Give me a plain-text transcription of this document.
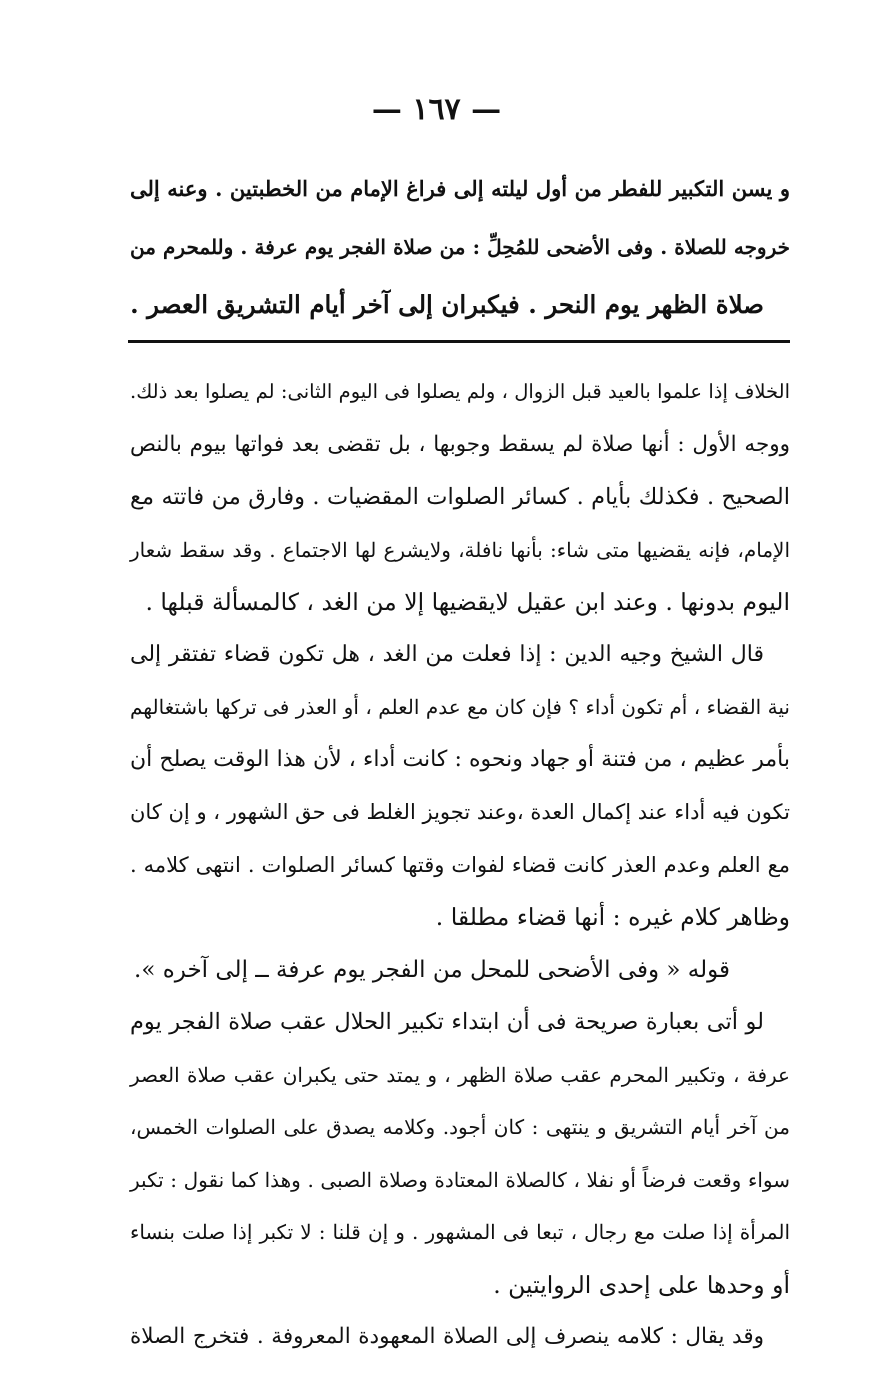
— ١٦٧ —
و يسن التكبير للفطر من أول ليلته إلى فراغ الإمام من الخطبتين . وعنه إلى
خروجه للصلاة . وفى الأضحى للمُحِلِّ : من صلاة الفجر يوم عرفة . وللمحرم من
صلاة الظهر يوم النحر . فيكبران إلى آخر أيام التشريق العصر .

الخلاف إذا علموا بالعيد قبل الزوال ، ولم يصلوا فى اليوم الثانى: لم يصلوا بعد ذلك.
ووجه الأول : أنها صلاة لم يسقط وجوبها ، بل تقضى بعد فواتها بيوم بالنص
الصحيح . فكذلك بأيام . كسائر الصلوات المقضيات . وفارق من فاتته مع
الإمام، فإنه يقضيها متى شاء: بأنها نافلة، ولايشرع لها الاجتماع . وقد سقط شعار
اليوم بدونها . وعند ابن عقيل لايقضيها إلا من الغد ، كالمسألة قبلها .

قال الشيخ وجيه الدين : إذا فعلت من الغد ، هل تكون قضاء تفتقر إلى
نية القضاء ، أم تكون أداء ؟ فإن كان مع عدم العلم ، أو العذر فى تركها باشتغالهم
بأمر عظيم ، من فتنة أو جهاد ونحوه : كانت أداء ، لأن هذا الوقت يصلح أن
تكون فيه أداء عند إكمال العدة ،وعند تجويز الغلط فى حق الشهور ، و إن كان
مع العلم وعدم العذر كانت قضاء لفوات وقتها كسائر الصلوات . انتهى كلامه .
وظاهر كلام غيره : أنها قضاء مطلقا .

قوله « وفى الأضحى للمحل من الفجر يوم عرفة ــ إلى آخره ».

لو أتى بعبارة صريحة فى أن ابتداء تكبير الحلال عقب صلاة الفجر يوم
عرفة ، وتكبير المحرم عقب صلاة الظهر ، و يمتد حتى يكبران عقب صلاة العصر
من آخر أيام التشريق و ينتهى : كان أجود. وكلامه يصدق على الصلوات الخمس،
سواء وقعت فرضاً أو نفلا ، كالصلاة المعتادة وصلاة الصبى . وهذا كما نقول : تكبر
المرأة إذا صلت مع رجال ، تبعا فى المشهور . و إن قلنا : لا تكبر إذا صلت بنساء
أو وحدها على إحدى الروايتين .

وقد يقال : كلامه ينصرف إلى الصلاة المعهودة المعروفة . فتخرج الصلاة
